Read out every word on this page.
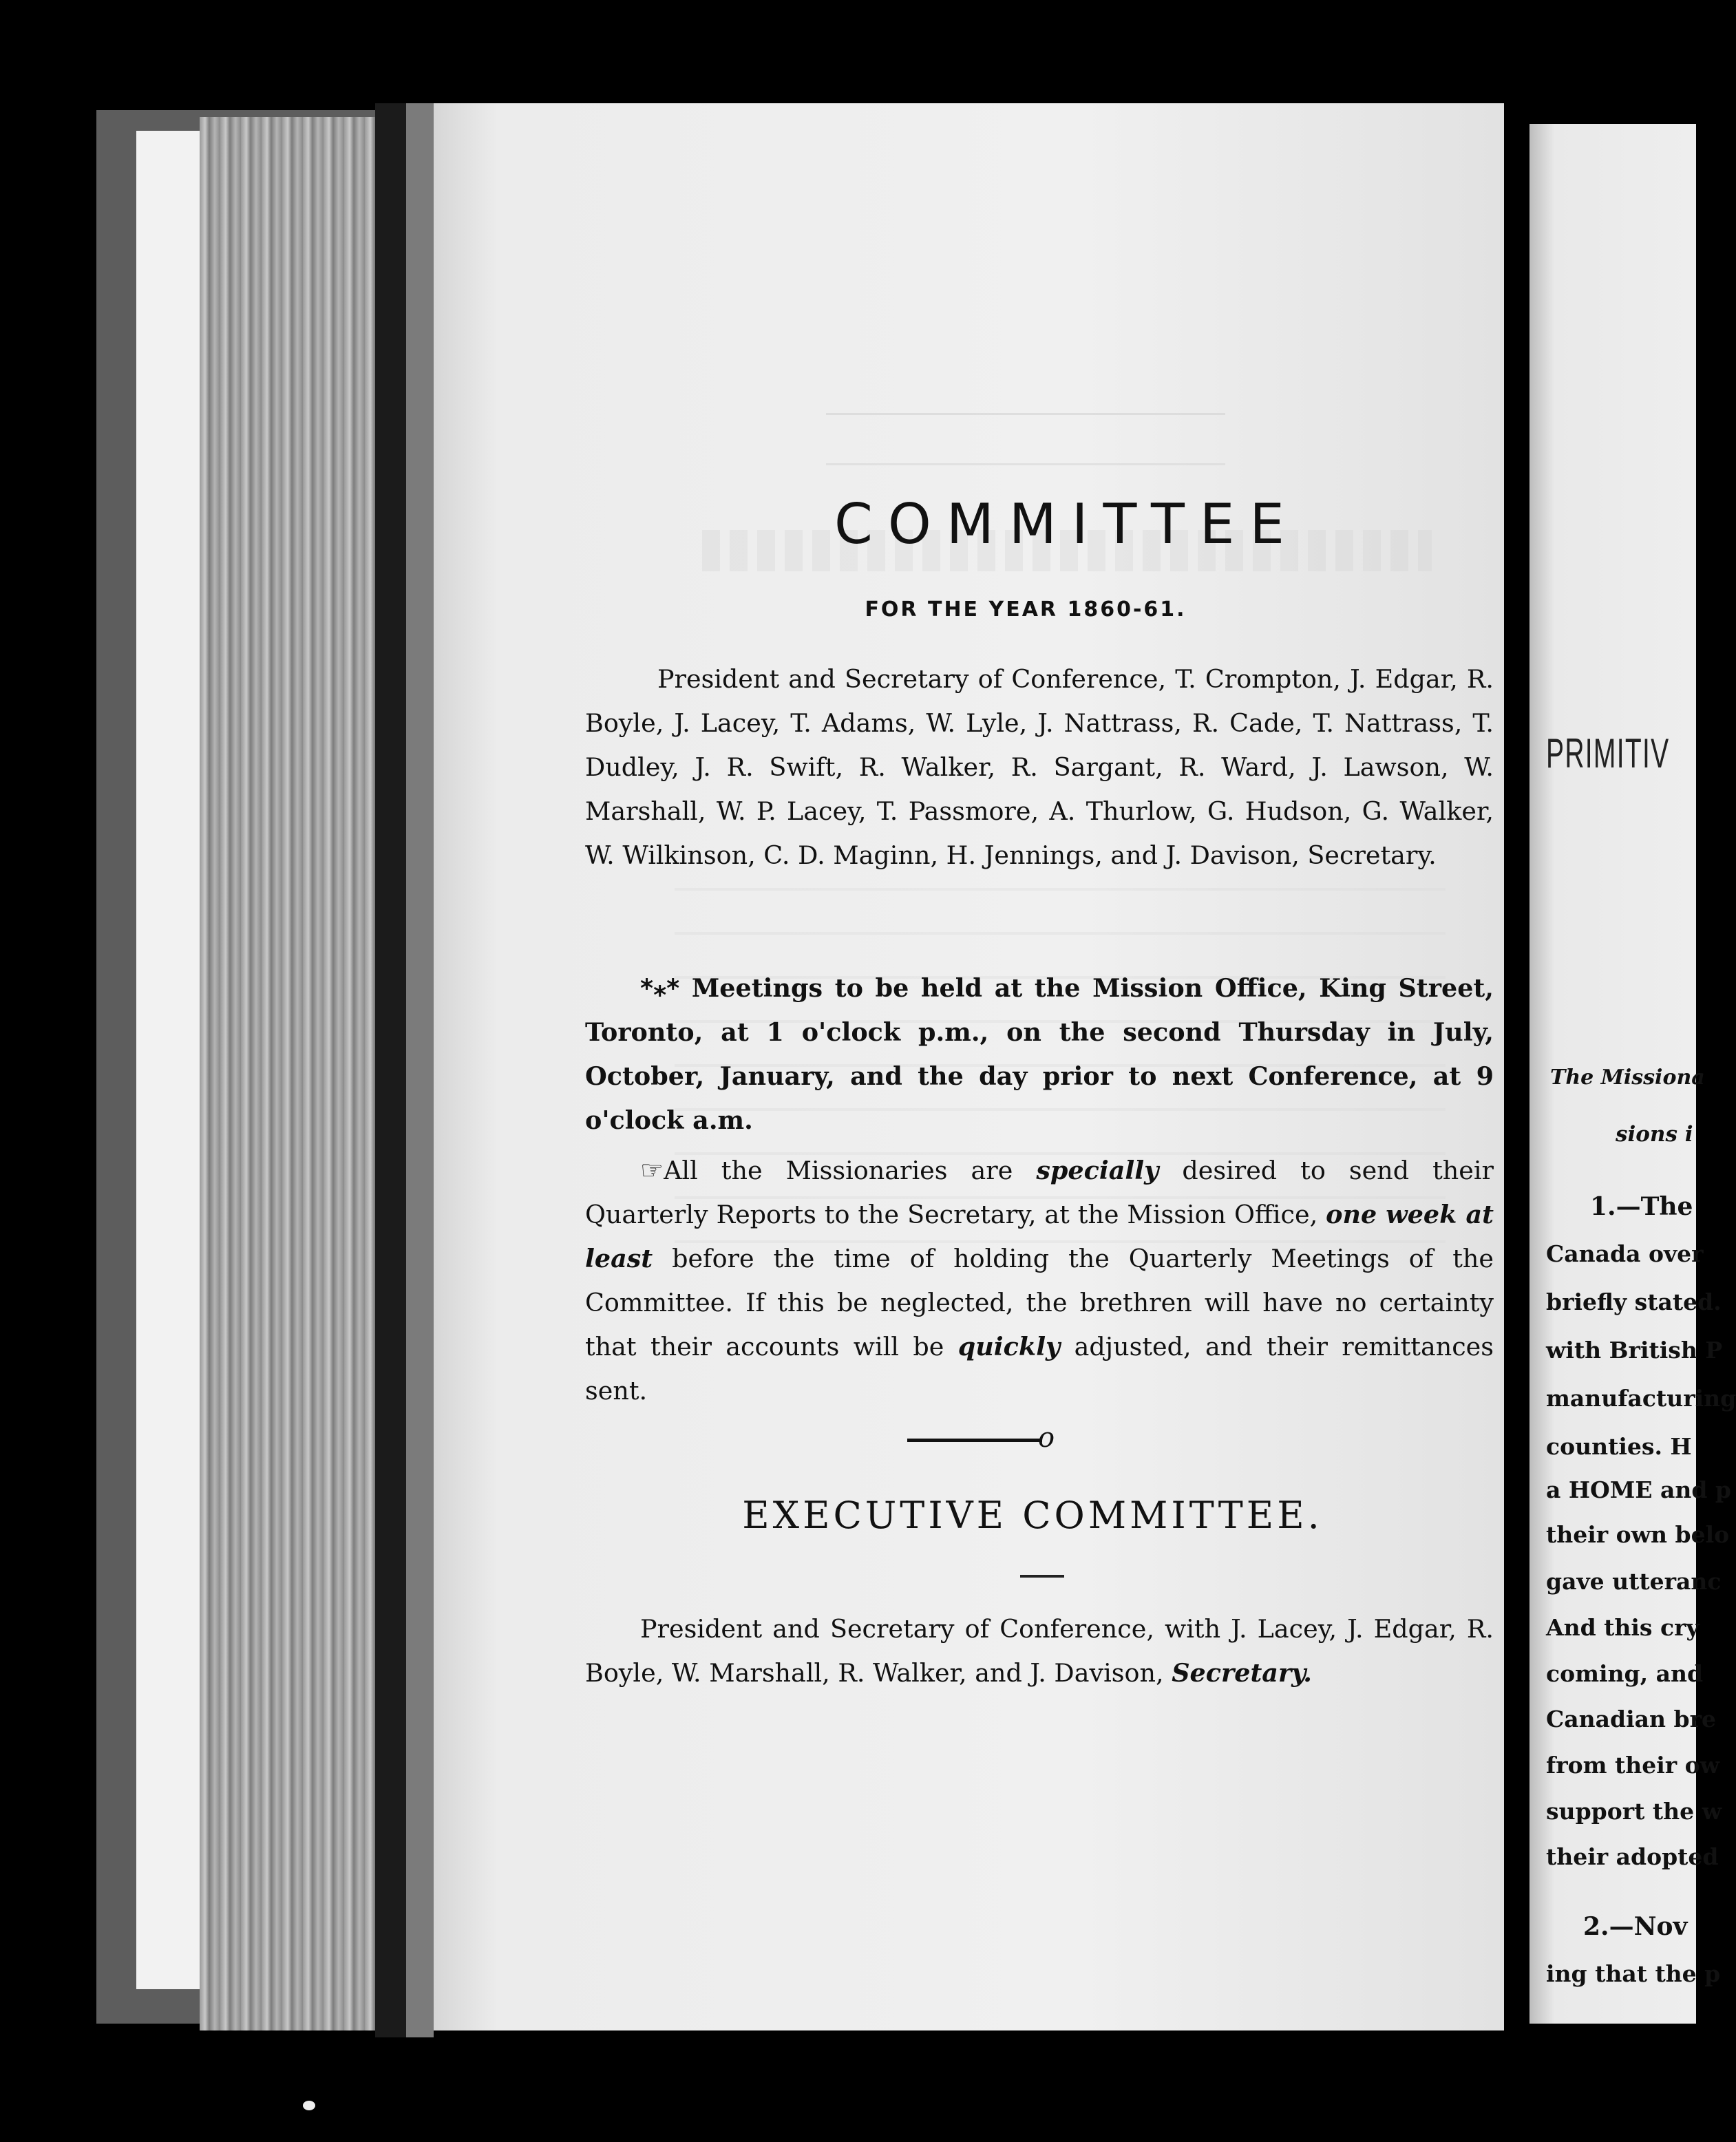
PRIMITIV
The Missiona
sions i
1.—The
Canada over
briefly stated.
with British P
manufacturing
counties. H
a HOME and p
their own belo
gave utteranc
And this cry
coming, and
Canadian bre
from their ow
support the w
their adopted
2.—Nov
ing that the p
COMMITTEE
FOR THE YEAR 1860-61.
President and Secretary of Conference, T. Crompton, J. Edgar, R. Boyle, J. Lacey, T. Adams, W. Lyle, J. Nattrass, R. Cade, T. Nattrass, T. Dudley, J. R. Swift, R. Walker, R. Sargant, R. Ward, J. Lawson, W. Marshall, W. P. Lacey, T. Passmore, A. Thurlow, G. Hudson, G. Walker, W. Wilkinson, C. D. Maginn, H. Jennings, and J. Davison, Secretary.
*⁎* Meetings to be held at the Mission Office, King Street, Toronto, at 1 o'clock p.m., on the second Thursday in July, October, January, and the day prior to next Conference, at 9 o'clock a.m.
☞All the Missionaries are specially desired to send their Quarterly Reports to the Secretary, at the Mission Office, one week at least before the time of holding the Quarterly Meetings of the Committee. If this be neglected, the brethren will have no certainty that their accounts will be quickly adjusted, and their remittances sent.
o
EXECUTIVE COMMITTEE.
President and Secretary of Conference, with J. Lacey, J. Edgar, R. Boyle, W. Marshall, R. Walker, and J. Davison, Secretary.
